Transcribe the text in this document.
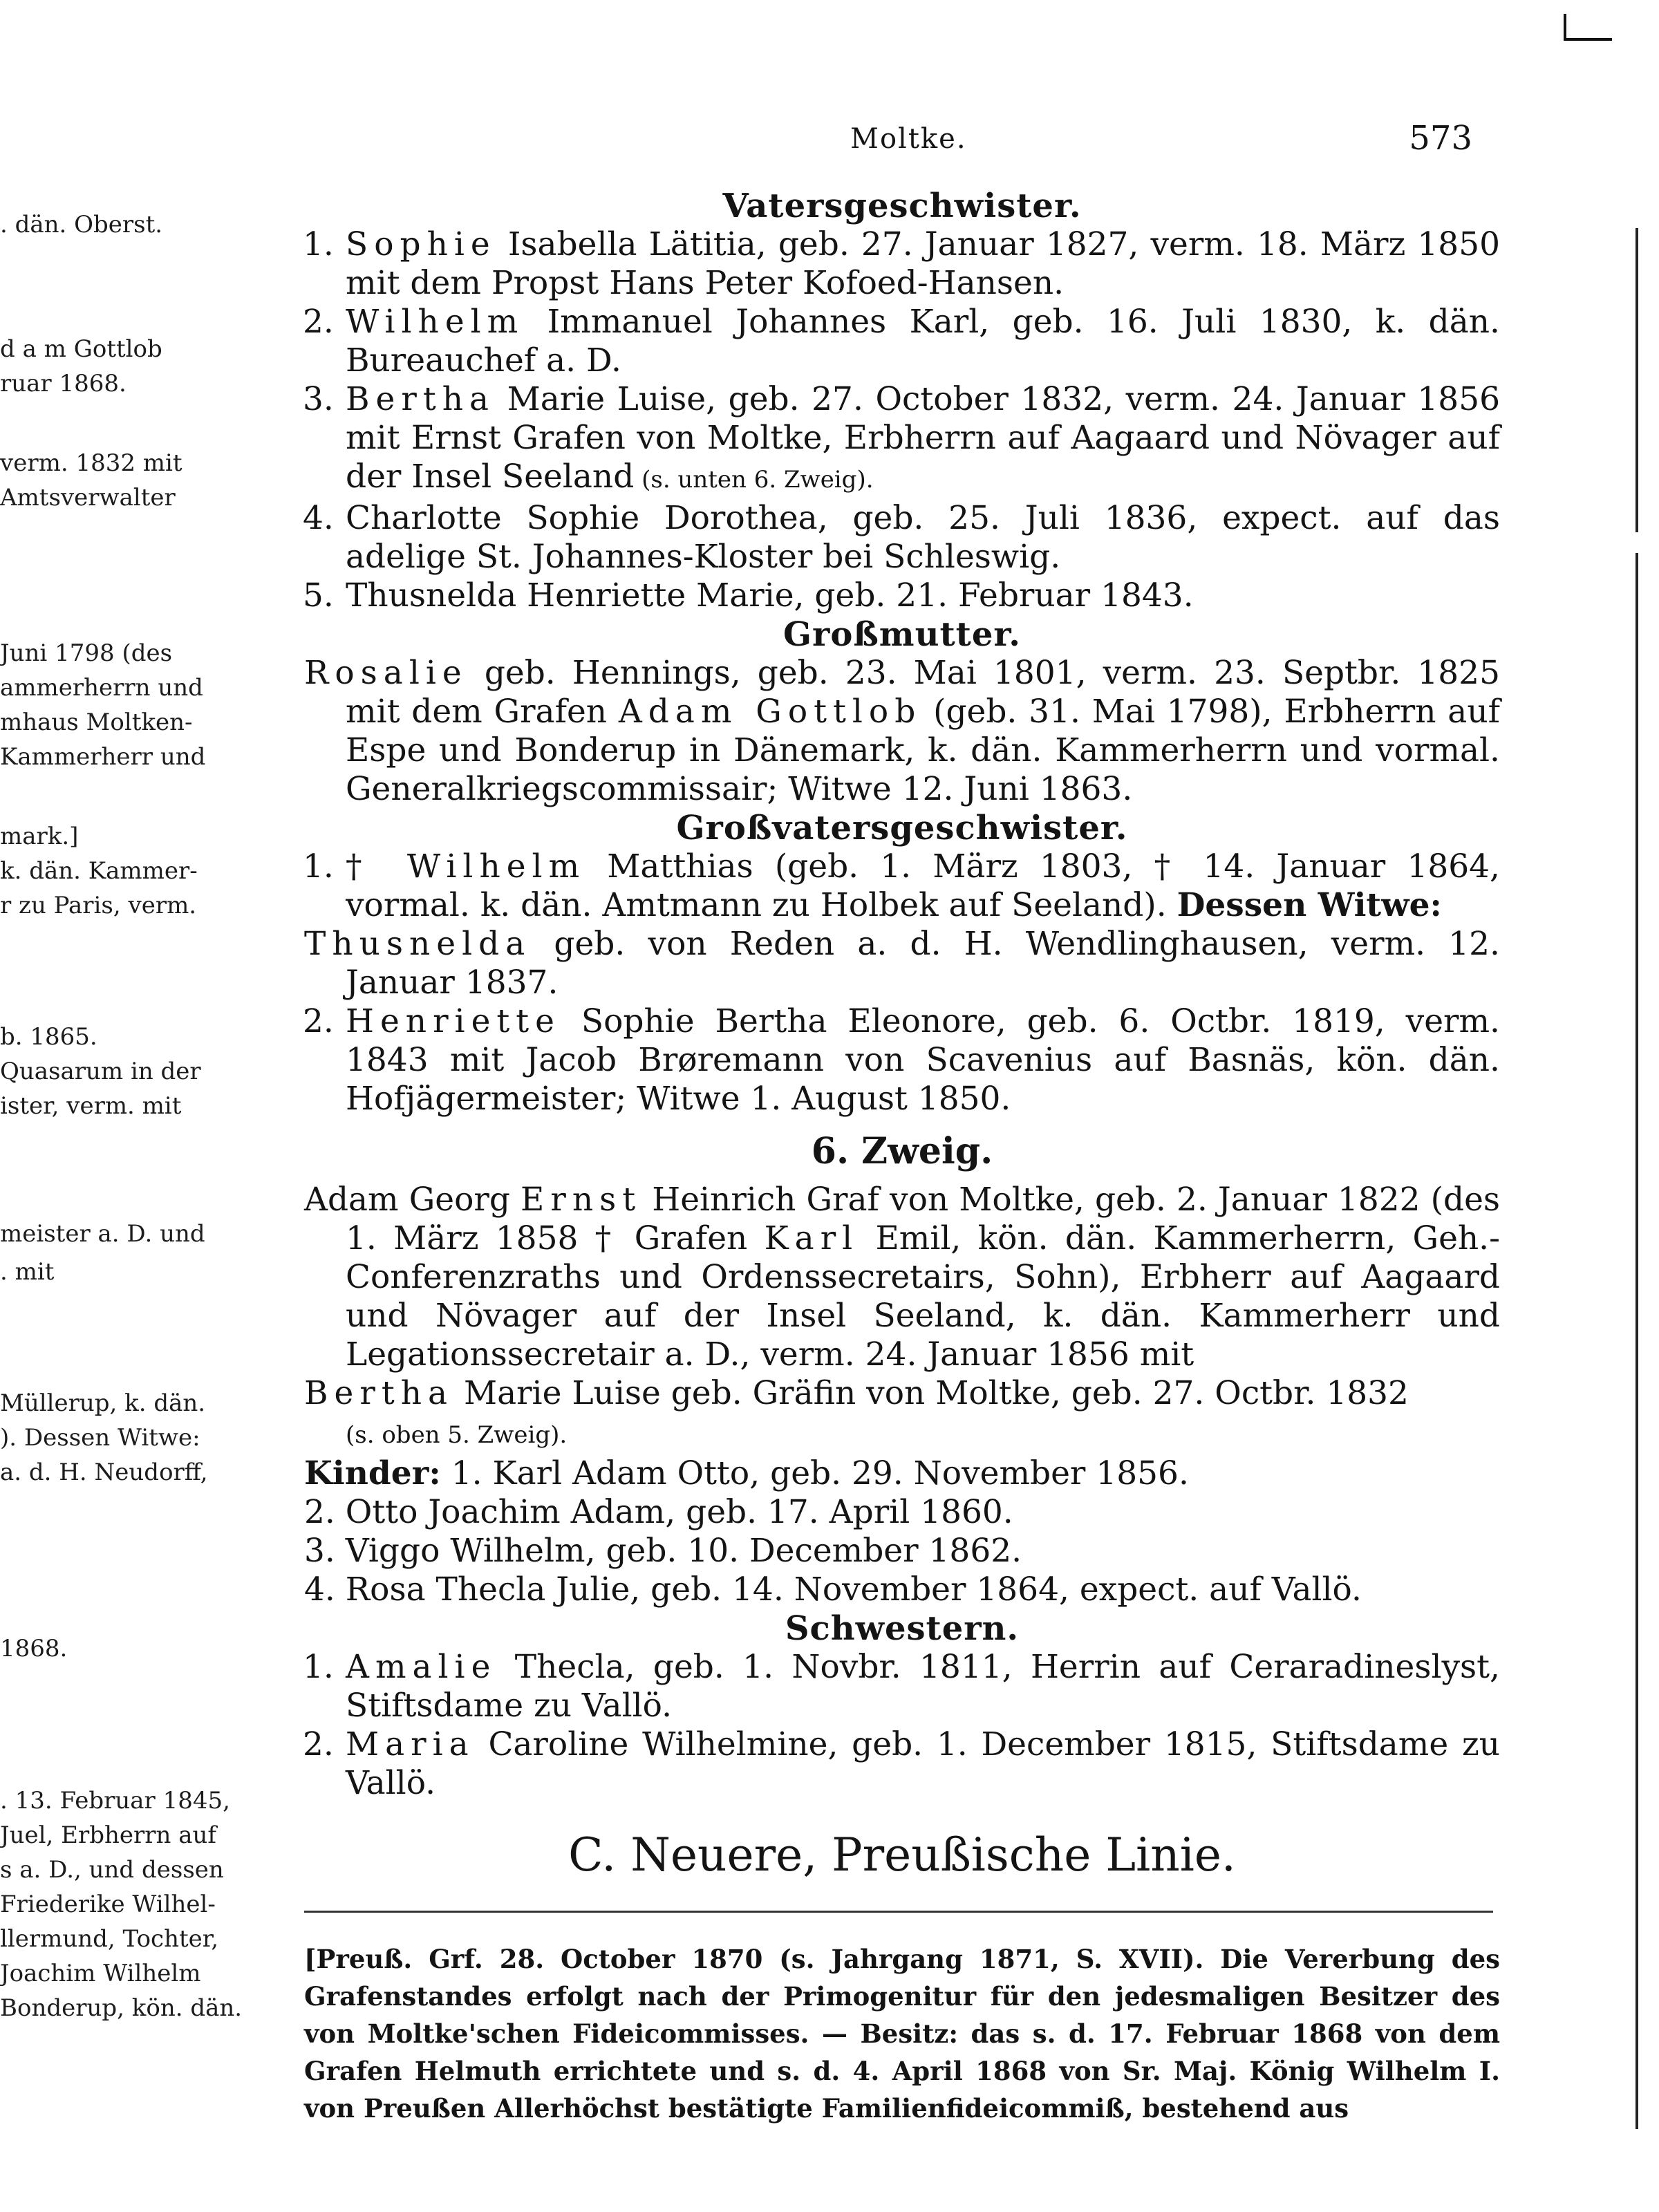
. dän. Oberst.
d a m Gottlob
ruar 1868.
verm. 1832 mit
Amtsverwalter
Juni 1798 (des
ammerherrn und
mhaus Moltken-
Kammerherr und
mark.]
k. dän. Kammer-
r zu Paris, verm.
b. 1865.
Quasarum in der
ister, verm. mit
meister a. D. und
. mit
Müllerup, k. dän.
). Dessen Witwe:
a. d. H. Neudorff,
1868.
. 13. Februar 1845,
Juel, Erbherrn auf
s a. D., und dessen
Friederike Wilhel-
llermund, Tochter,
Joachim Wilhelm
Bonderup, kön. dän.
Moltke.	573
Vatersgeschwister.
1. Sophie Isabella Lätitia, geb. 27. Januar 1827, verm. 18. März 1850 mit dem Propst Hans Peter Kofoed-Hansen.
2. Wilhelm Immanuel Johannes Karl, geb. 16. Juli 1830, k. dän. Bureauchef a. D.
3. Bertha Marie Luise, geb. 27. October 1832, verm. 24. Januar 1856 mit Ernst Grafen von Moltke, Erbherrn auf Aagaard und Növager auf der Insel Seeland (s. unten 6. Zweig).
4. Charlotte Sophie Dorothea, geb. 25. Juli 1836, expect. auf das adelige St. Johannes-Kloster bei Schleswig.
5. Thusnelda Henriette Marie, geb. 21. Februar 1843.
Großmutter.
Rosalie geb. Hennings, geb. 23. Mai 1801, verm. 23. Septbr. 1825 mit dem Grafen Adam Gottlob (geb. 31. Mai 1798), Erbherrn auf Espe und Bonderup in Dänemark, k. dän. Kammerherrn und vormal. Generalkriegscommissair; Witwe 12. Juni 1863.
Großvatersgeschwister.
1. † Wilhelm Matthias (geb. 1. März 1803, † 14. Januar 1864, vormal. k. dän. Amtmann zu Holbek auf Seeland). Dessen Witwe:
Thusnelda geb. von Reden a. d. H. Wendlinghausen, verm. 12. Januar 1837.
2. Henriette Sophie Bertha Eleonore, geb. 6. Octbr. 1819, verm. 1843 mit Jacob Brøremann von Scavenius auf Basnäs, kön. dän. Hofjägermeister; Witwe 1. August 1850.
6. Zweig.
Adam Georg Ernst Heinrich Graf von Moltke, geb. 2. Januar 1822 (des 1. März 1858 † Grafen Karl Emil, kön. dän. Kammerherrn, Geh.-Conferenzraths und Ordenssecretairs, Sohn), Erbherr auf Aagaard und Növager auf der Insel Seeland, k. dän. Kammerherr und Legationssecretair a. D., verm. 24. Januar 1856 mit
Bertha Marie Luise geb. Gräfin von Moltke, geb. 27. Octbr. 1832
(s. oben 5. Zweig).
Kinder: 1. Karl Adam Otto, geb. 29. November 1856.
2. Otto Joachim Adam, geb. 17. April 1860.
3. Viggo Wilhelm, geb. 10. December 1862.
4. Rosa Thecla Julie, geb. 14. November 1864, expect. auf Vallö.
Schwestern.
1. Amalie Thecla, geb. 1. Novbr. 1811, Herrin auf Ceraradineslyst, Stiftsdame zu Vallö.
2. Maria Caroline Wilhelmine, geb. 1. December 1815, Stiftsdame zu Vallö.
C. Neuere, Preußische Linie.
[Preuß. Grf. 28. October 1870 (s. Jahrgang 1871, S. XVII). Die Vererbung des Grafenstandes erfolgt nach der Primogenitur für den jedesmaligen Besitzer des von Moltke'schen Fideicommisses. — Besitz: das s. d. 17. Februar 1868 von dem Grafen Helmuth errichtete und s. d. 4. April 1868 von Sr. Maj. König Wilhelm I. von Preußen Allerhöchst bestätigte Familienfideicommiß, bestehend aus
